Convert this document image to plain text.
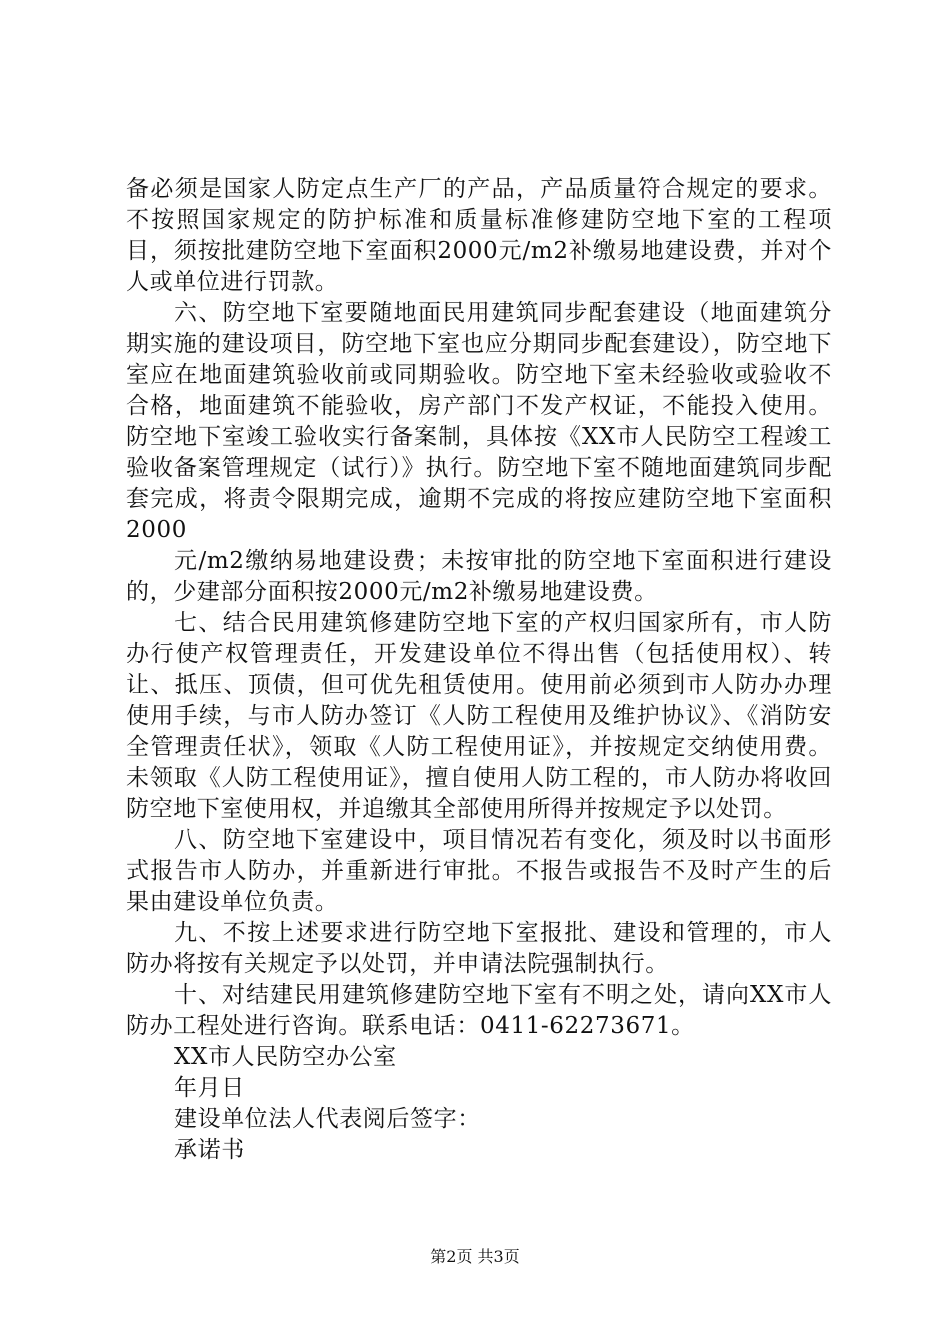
备必须是国家人防定点生产厂的产品，产品质量符合规定的要求。不按照国家规定的防护标准和质量标准修建防空地下室的工程项目，须按批建防空地下室面积2000元/m2补缴易地建设费，并对个人或单位进行罚款。

六、防空地下室要随地面民用建筑同步配套建设（地面建筑分期实施的建设项目，防空地下室也应分期同步配套建设），防空地下室应在地面建筑验收前或同期验收。防空地下室未经验收或验收不合格，地面建筑不能验收，房产部门不发产权证，不能投入使用。防空地下室竣工验收实行备案制，具体按《XX市人民防空工程竣工验收备案管理规定（试行）》执行。防空地下室不随地面建筑同步配套完成，将责令限期完成，逾期不完成的将按应建防空地下室面积2000

元/m2缴纳易地建设费；未按审批的防空地下室面积进行建设的，少建部分面积按2000元/m2补缴易地建设费。

七、结合民用建筑修建防空地下室的产权归国家所有，市人防办行使产权管理责任，开发建设单位不得出售（包括使用权）、转让、抵压、顶债，但可优先租赁使用。使用前必须到市人防办办理使用手续，与市人防办签订《人防工程使用及维护协议》、《消防安全管理责任状》，领取《人防工程使用证》，并按规定交纳使用费。未领取《人防工程使用证》，擅自使用人防工程的，市人防办将收回防空地下室使用权，并追缴其全部使用所得并按规定予以处罚。

八、防空地下室建设中，项目情况若有变化，须及时以书面形式报告市人防办，并重新进行审批。不报告或报告不及时产生的后果由建设单位负责。

九、不按上述要求进行防空地下室报批、建设和管理的，市人防办将按有关规定予以处罚，并申请法院强制执行。

十、对结建民用建筑修建防空地下室有不明之处，请向XX市人防办工程处进行咨询。联系电话：0411-62273671。

XX市人民防空办公室

年月日

建设单位法人代表阅后签字：

承诺书

第2页 共3页
